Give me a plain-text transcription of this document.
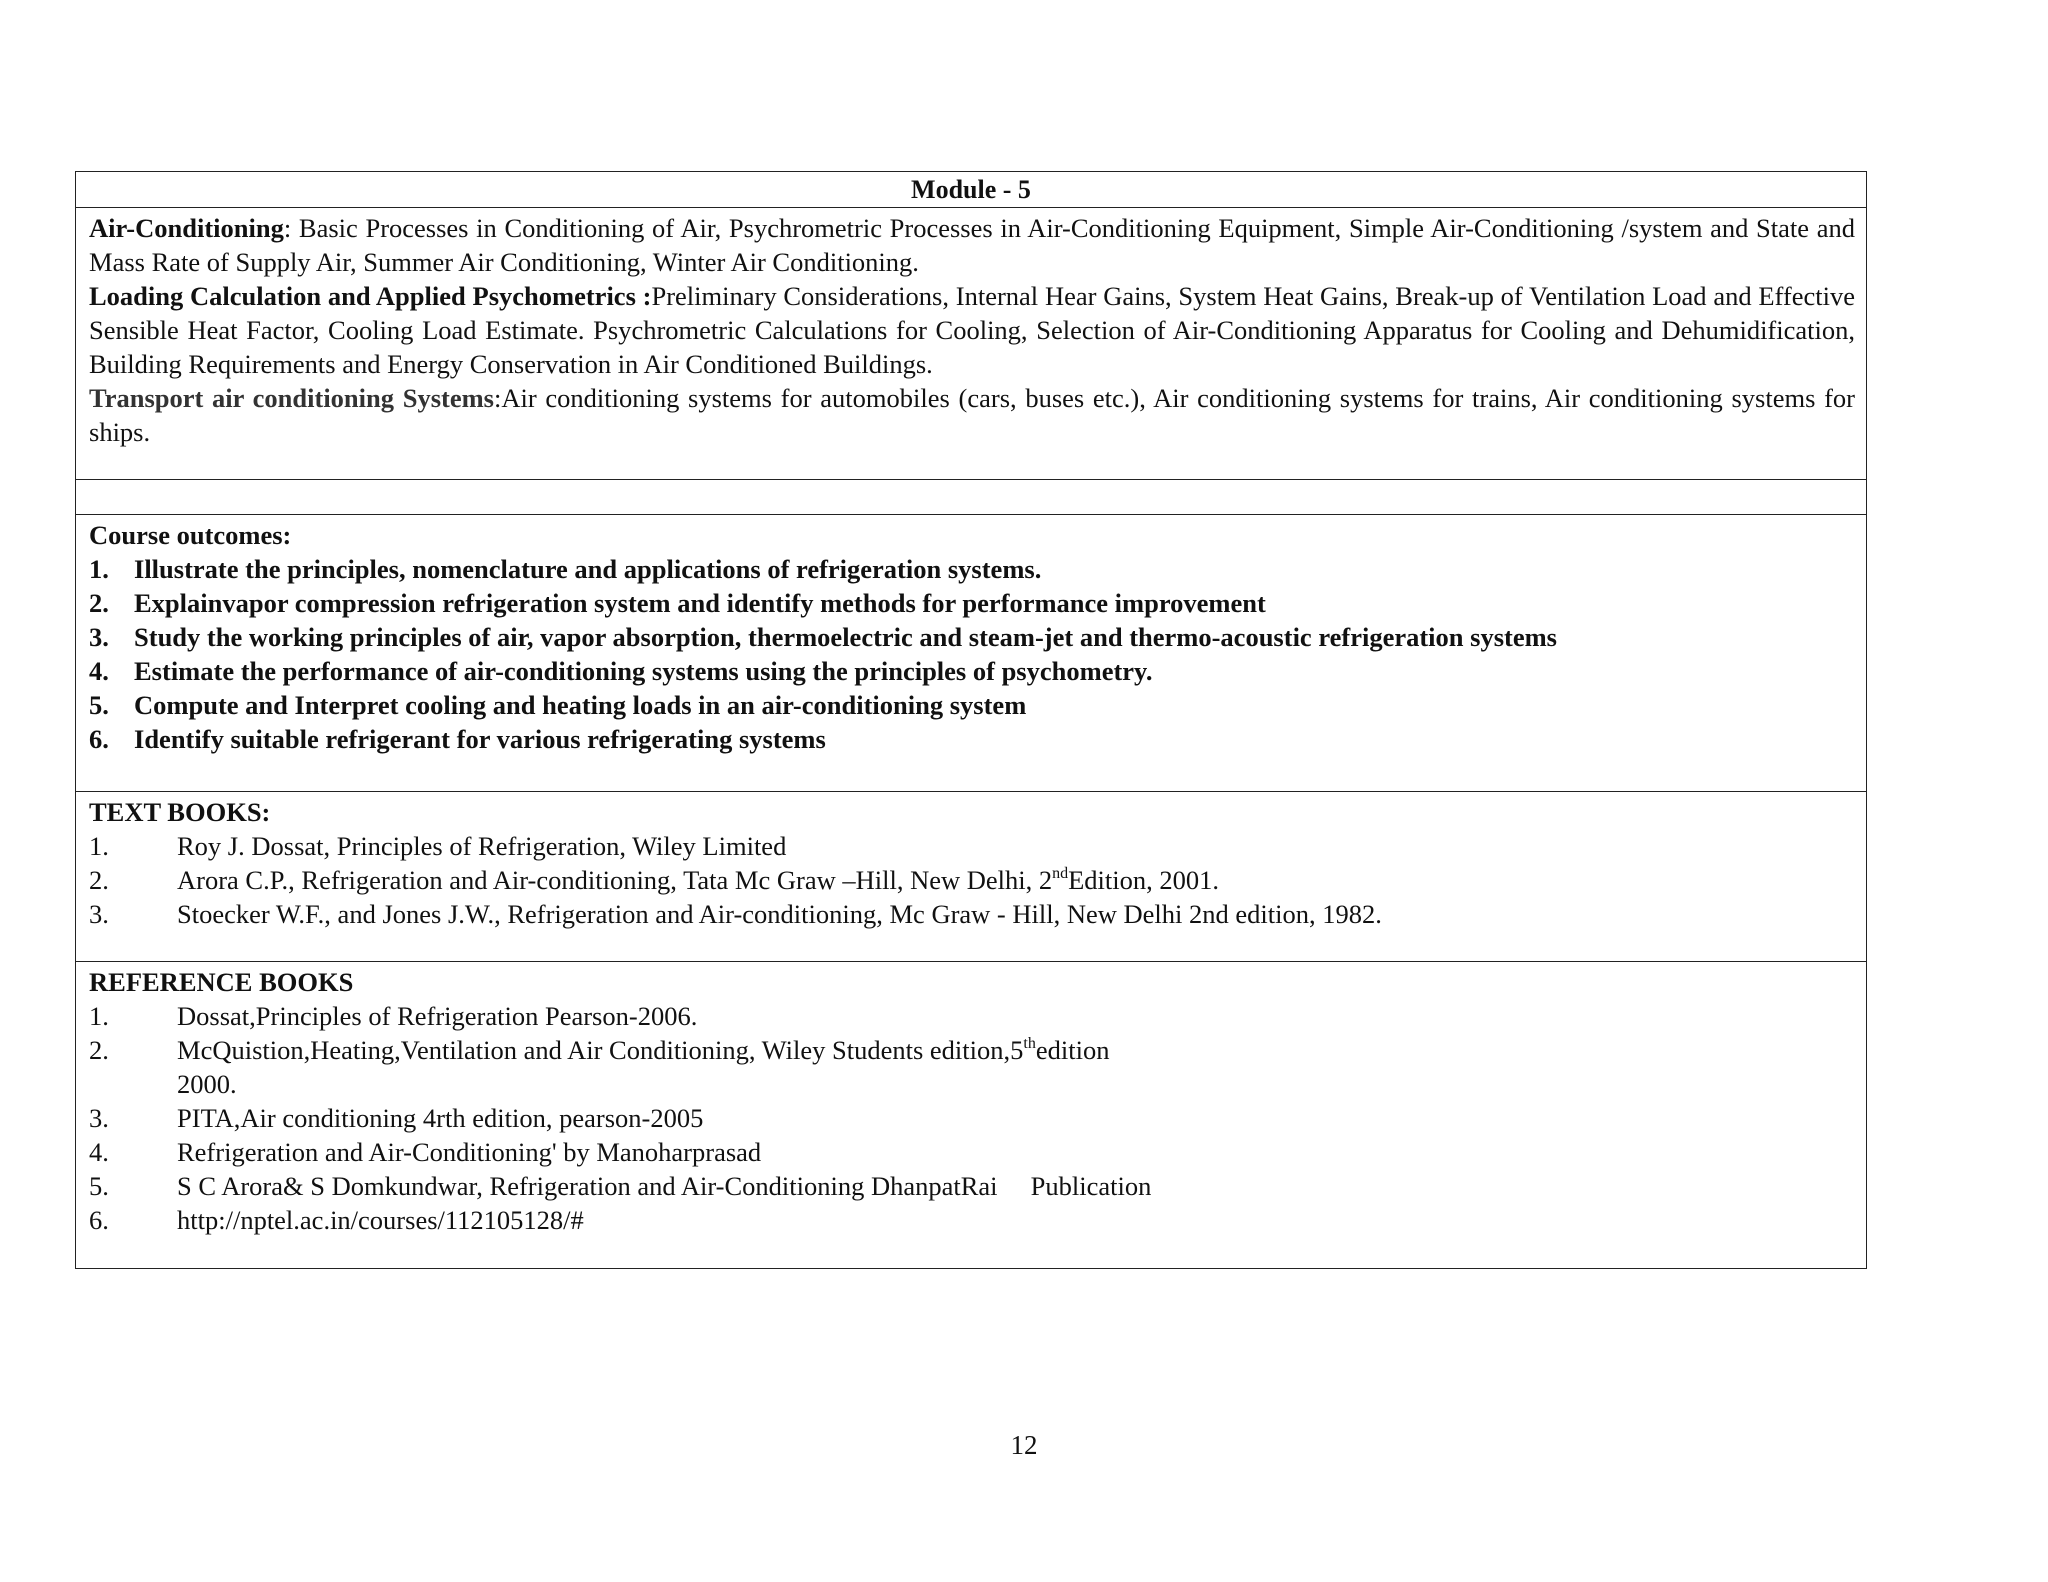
Module - 5

Air-Conditioning: Basic Processes in Conditioning of Air, Psychrometric Processes in Air-Conditioning Equipment, Simple Air-Conditioning /system and State and Mass Rate of Supply Air, Summer Air Conditioning, Winter Air Conditioning.

Loading Calculation and Applied Psychometrics :Preliminary Considerations, Internal Hear Gains, System Heat Gains, Break-up of Ventilation Load and Effective Sensible Heat Factor, Cooling Load Estimate. Psychrometric Calculations for Cooling, Selection of Air-Conditioning Apparatus for Cooling and Dehumidification, Building Requirements and Energy Conservation in Air Conditioned Buildings.

Transport air conditioning Systems:Air conditioning systems for automobiles (cars, buses etc.), Air conditioning systems for trains, Air conditioning systems for ships.

Course outcomes:
1. Illustrate the principles, nomenclature and applications of refrigeration systems.
2. Explainvapor compression refrigeration system and identify methods for performance improvement
3. Study the working principles of air, vapor absorption, thermoelectric and steam-jet and thermo-acoustic refrigeration systems
4. Estimate the performance of air-conditioning systems using the principles of psychometry.
5. Compute and Interpret cooling and heating loads in an air-conditioning system
6. Identify suitable refrigerant for various refrigerating systems
TEXT BOOKS:
1.	Roy J. Dossat, Principles of Refrigeration, Wiley Limited
2.	Arora C.P., Refrigeration and Air-conditioning, Tata Mc Graw –Hill, New Delhi, 2ndEdition, 2001.
3.	Stoecker W.F., and Jones J.W., Refrigeration and Air-conditioning, Mc Graw - Hill, New Delhi 2nd edition, 1982.
REFERENCE BOOKS
1.	Dossat,Principles of Refrigeration Pearson-2006.
2.	McQuistion,Heating,Ventilation and Air Conditioning, Wiley Students edition,5thedition
2000.
3.	PITA,Air conditioning 4rth edition, pearson-2005
4.	Refrigeration and Air-Conditioning' by Manoharprasad
5.	S C Arora& S Domkundwar, Refrigeration and Air-Conditioning DhanpatRai     Publication
6.	http://nptel.ac.in/courses/112105128/#
12
